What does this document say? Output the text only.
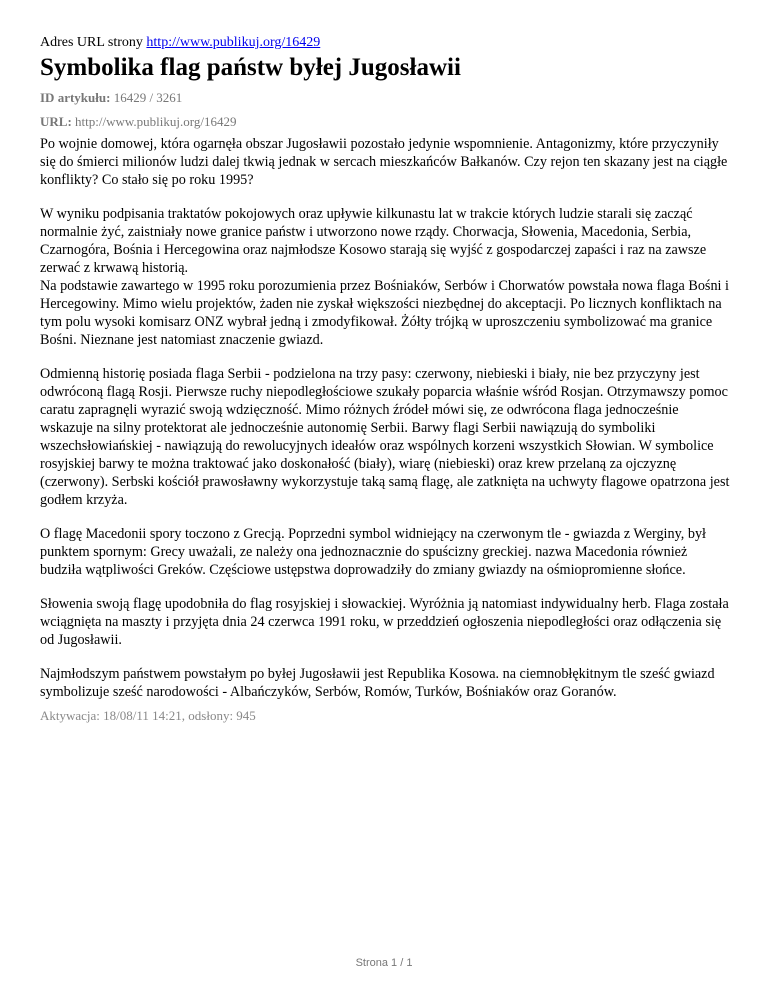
Adres URL strony http://www.publikuj.org/16429

Symbolika flag państw byłej Jugosławii
ID artykułu: 16429 / 3261
URL: http://www.publikuj.org/16429

Po wojnie domowej, która ogarnęła obszar Jugosławii pozostało jedynie wspomnienie. Antagonizmy, które przyczyniły się do śmierci milionów ludzi dalej tkwią jednak w sercach mieszkańców Bałkanów. Czy rejon ten skazany jest na ciągłe konflikty? Co stało się po roku 1995?

W wyniku podpisania traktatów pokojowych oraz upływie kilkunastu lat w trakcie których ludzie starali się zacząć normalnie żyć, zaistniały nowe granice państw i utworzono nowe rządy. Chorwacja, Słowenia, Macedonia, Serbia, Czarnogóra, Bośnia i Hercegowina oraz najmłodsze Kosowo starają się wyjść z gospodarczej zapaści i raz na zawsze zerwać z krwawą historią.
Na podstawie zawartego w 1995 roku porozumienia przez Bośniaków, Serbów i Chorwatów powstała nowa flaga Bośni i Hercegowiny. Mimo wielu projektów, żaden nie zyskał większości niezbędnej do akceptacji. Po licznych konfliktach na tym polu wysoki komisarz ONZ wybrał jedną i zmodyfikował. Żółty trójką w uproszczeniu symbolizować ma granice Bośni. Nieznane jest natomiast znaczenie gwiazd.

Odmienną historię posiada flaga Serbii - podzielona na trzy pasy: czerwony, niebieski i biały, nie bez przyczyny jest odwróconą flagą Rosji. Pierwsze ruchy niepodległościowe szukały poparcia właśnie wśród Rosjan. Otrzymawszy pomoc caratu zapragnęli wyrazić swoją wdzięczność. Mimo różnych źródeł mówi się, ze odwrócona flaga jednocześnie wskazuje na silny protektorat ale jednocześnie autonomię Serbii. Barwy flagi Serbii nawiązują do symboliki wszechsłowiańskiej - nawiązują do rewolucyjnych ideałów oraz wspólnych korzeni wszystkich Słowian. W symbolice rosyjskiej barwy te można traktować jako doskonałość (biały), wiarę (niebieski) oraz krew przelaną za ojczyznę (czerwony). Serbski kościół prawosławny wykorzystuje taką samą flagę, ale zatknięta na uchwyty flagowe opatrzona jest godłem krzyża.

O flagę Macedonii spory toczono z Grecją. Poprzedni symbol widniejący na czerwonym tle - gwiazda z Werginy, był punktem spornym: Grecy uważali, ze należy ona jednoznacznie do spuścizny greckiej. nazwa Macedonia również budziła wątpliwości Greków. Częściowe ustępstwa doprowadziły do zmiany gwiazdy na ośmiopromienne słońce.

Słowenia swoją flagę upodobniła do flag rosyjskiej i słowackiej. Wyróżnia ją natomiast indywidualny herb. Flaga została wciągnięta na maszty i przyjęta dnia 24 czerwca 1991 roku, w przeddzień ogłoszenia niepodległości oraz odłączenia się od Jugosławii.

Najmłodszym państwem powstałym po byłej Jugosławii jest Republika Kosowa. na ciemnobłękitnym tle sześć gwiazd symbolizuje sześć narodowości - Albańczyków, Serbów, Romów, Turków, Bośniaków oraz Goranów.

Aktywacja: 18/08/11 14:21, odsłony: 945
Strona 1 / 1
